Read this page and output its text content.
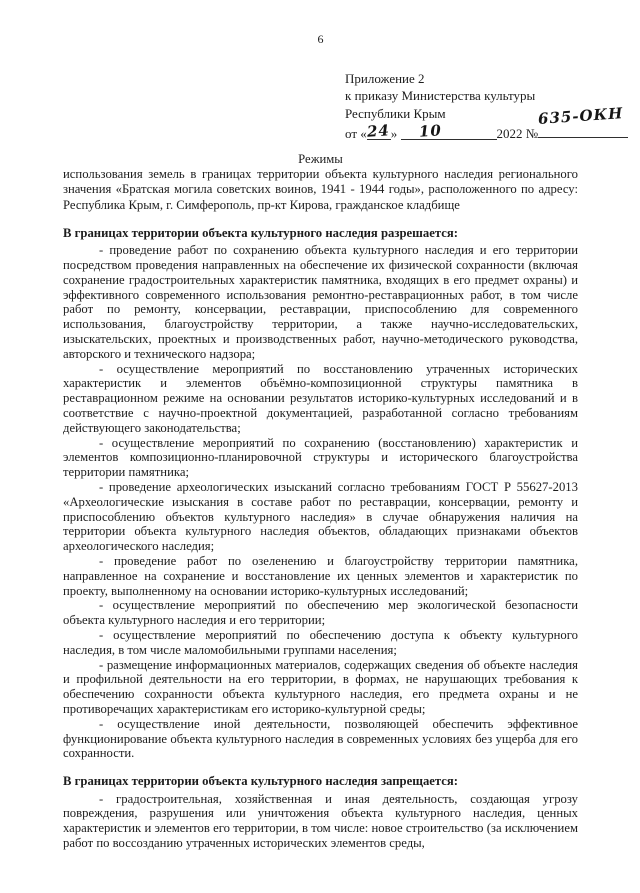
6
Приложение 2
к приказу Министерства культуры
Республики Крым
от «24» 10	2022 №
635-ОКН
Режимы

использования земель в границах территории объекта культурного наследия регионального значения «Братская могила советских воинов, 1941 - 1944 годы», расположенного по адресу: Республика Крым, г. Симферополь, пр-кт Кирова, гражданское кладбище

В границах территории объекта культурного наследия разрешается:

- проведение работ по сохранению объекта культурного наследия и его территории посредством проведения направленных на обеспечение их физической сохранности (включая сохранение градостроительных характеристик памятника, входящих в его предмет охраны) и эффективного современного использования ремонтно-реставрационных работ, в том числе работ по ремонту, консервации, реставрации, приспособлению для современного использования, благоустройству территории, а также научно-исследовательских, изыскательских, проектных и производственных работ, научно-методического руководства, авторского и технического надзора;

- осуществление мероприятий по восстановлению утраченных исторических характеристик и элементов объёмно-композиционной структуры памятника в реставрационном режиме на основании результатов историко-культурных исследований и в соответствие с научно-проектной документацией, разработанной согласно требованиям действующего законодательства;

- осуществление мероприятий по сохранению (восстановлению) характеристик и элементов композиционно-планировочной структуры и исторического благоустройства территории памятника;

- проведение археологических изысканий согласно требованиям ГОСТ Р 55627-2013 «Археологические изыскания в составе работ по реставрации, консервации, ремонту и приспособлению объектов культурного наследия» в случае обнаружения наличия на территории объекта культурного наследия объектов, обладающих признаками объектов археологического наследия;

- проведение работ по озеленению и благоустройству территории памятника, направленное на сохранение и восстановление их ценных элементов и характеристик по проекту, выполненному на основании историко-культурных исследований;

- осуществление мероприятий по обеспечению мер экологической безопасности объекта культурного наследия и его территории;

- осуществление мероприятий по обеспечению доступа к объекту культурного наследия, в том числе маломобильными группами населения;

- размещение информационных материалов, содержащих сведения об объекте наследия и профильной деятельности на его территории, в формах, не нарушающих требования к обеспечению сохранности объекта культурного наследия, его предмета охраны и не противоречащих характеристикам его историко-культурной среды;

- осуществление иной деятельности, позволяющей обеспечить эффективное функционирование объекта культурного наследия в современных условиях без ущерба для его сохранности.

В границах территории объекта культурного наследия запрещается:

- градостроительная, хозяйственная и иная деятельность, создающая угрозу повреждения, разрушения или уничтожения объекта культурного наследия, ценных характеристик и элементов его территории, в том числе: новое строительство (за исключением работ по воссозданию утраченных исторических элементов среды,
